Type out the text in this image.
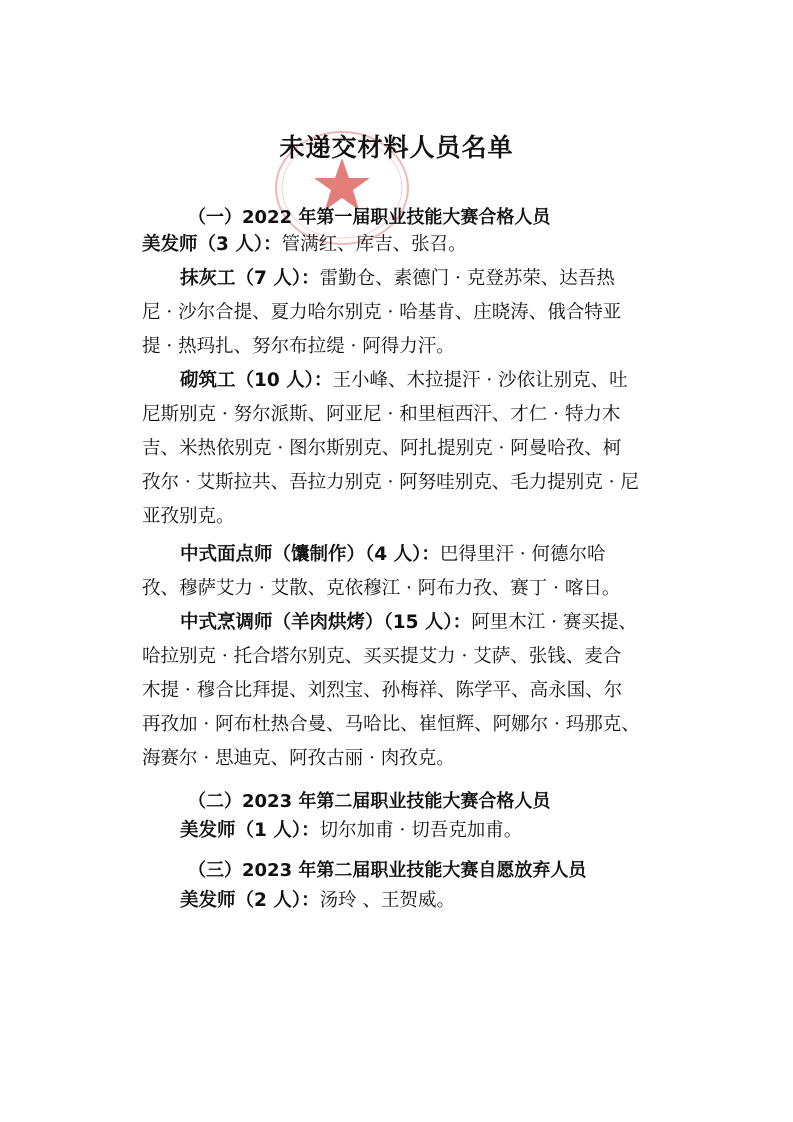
未递交材料人员名单
（一）2022 年第一届职业技能大赛合格人员
美发师（3 人）：管满红、库吉、张召。
抹灰工（7 人）：雷勤仓、素德门 · 克登苏荣、达吾热
尼 · 沙尔合提、夏力哈尔别克 · 哈基肯、庄晓涛、俄合特亚
提 · 热玛扎、努尔布拉缇 · 阿得力汗。
砌筑工（10 人）：王小峰、木拉提汗 · 沙依让别克、吐
尼斯别克 · 努尔派斯、阿亚尼 · 和里桓西汗、才仁 · 特力木
吉、米热依别克 · 图尔斯别克、阿扎提别克 · 阿曼哈孜、柯
孜尔 · 艾斯拉共、吾拉力别克 · 阿努哇别克、毛力提别克 · 尼
亚孜别克。
中式面点师（馕制作）（4 人）：巴得里汗 · 何德尔哈
孜、穆萨艾力 · 艾散、克依穆江 · 阿布力孜、赛丁 · 喀日。
中式烹调师（羊肉烘烤）（15 人）：阿里木江 · 赛买提、
哈拉别克 · 托合塔尔别克、买买提艾力 · 艾萨、张钱、麦合
木提 · 穆合比拜提、刘烈宝、孙梅祥、陈学平、高永国、尔
再孜加 · 阿布杜热合曼、马哈比、崔恒辉、阿娜尔 · 玛那克、
海赛尔 · 思迪克、阿孜古丽 · 肉孜克。
（二）2023 年第二届职业技能大赛合格人员
美发师（1 人）：切尔加甫 · 切吾克加甫。
（三）2023 年第二届职业技能大赛自愿放弃人员
美发师（2 人）：汤玲 、王贺威。
